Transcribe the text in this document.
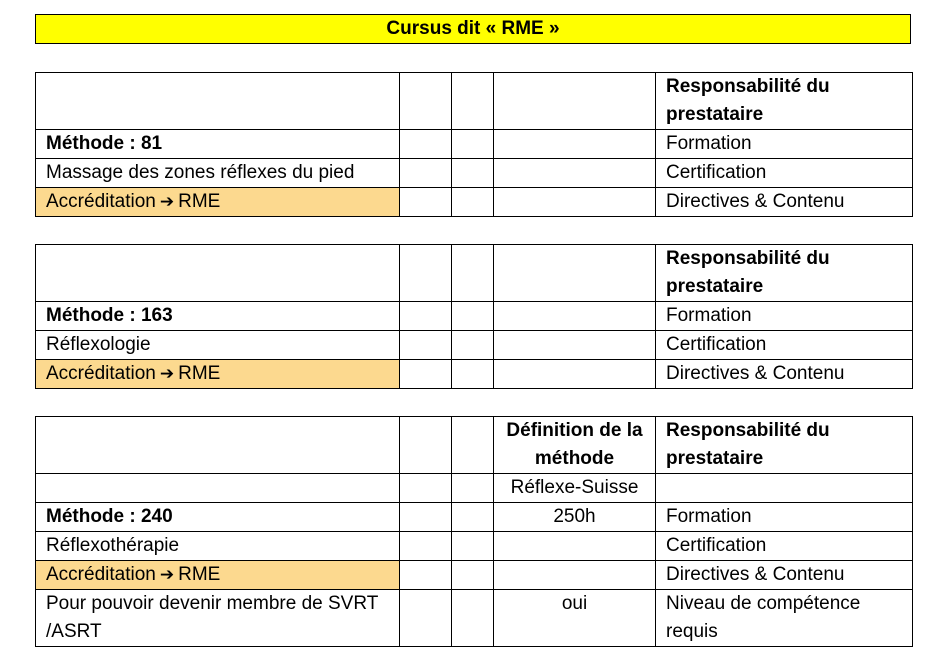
Cursus dit « RME »
				Responsabilité du prestataire
Méthode : 81				Formation
Massage des zones réflexes du pied				Certification
Accréditation ➔ RME				Directives & Contenu
				Responsabilité du prestataire
Méthode : 163				Formation
Réflexologie				Certification
Accréditation ➔ RME				Directives & Contenu
			Définition de la méthode	Responsabilité du prestataire
			Réflexe-Suisse	
Méthode : 240			250h	Formation
Réflexothérapie				Certification
Accréditation ➔ RME				Directives & Contenu
Pour pouvoir devenir membre de SVRT /ASRT			oui	Niveau de compétence requis
